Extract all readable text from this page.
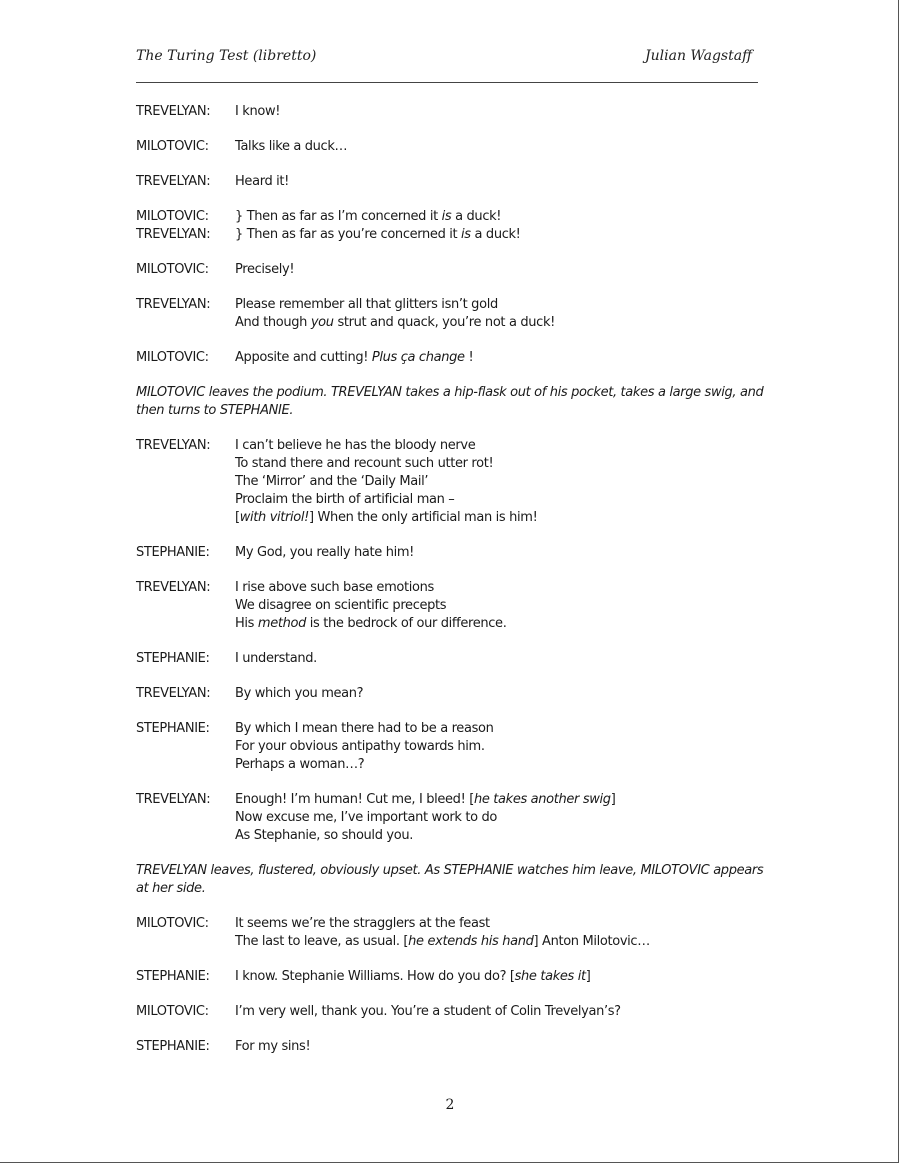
The Turing Test (libretto)	Julian Wagstaff
TREVELYAN:	I know!
MILOTOVIC:	Talks like a duck…
TREVELYAN:	Heard it!
MILOTOVIC:	} Then as far as I’m concerned it is a duck!
TREVELYAN:	} Then as far as you’re concerned it is a duck!
MILOTOVIC:	Precisely!
TREVELYAN:	Please remember all that glitters isn’t gold
And though you strut and quack, you’re not a duck!
MILOTOVIC:	Apposite and cutting! Plus ça change !
MILOTOVIC leaves the podium. TREVELYAN takes a hip-flask out of his pocket, takes a large swig, and then turns to STEPHANIE.
TREVELYAN:	I can’t believe he has the bloody nerve
To stand there and recount such utter rot!
The ‘Mirror’ and the ‘Daily Mail’
Proclaim the birth of artificial man –
[with vitriol!] When the only artificial man is him!
STEPHANIE:	My God, you really hate him!
TREVELYAN:	I rise above such base emotions
We disagree on scientific precepts
His method is the bedrock of our difference.
STEPHANIE:	I understand.
TREVELYAN:	By which you mean?
STEPHANIE:	By which I mean there had to be a reason
For your obvious antipathy towards him.
Perhaps a woman…?
TREVELYAN:	Enough! I’m human! Cut me, I bleed! [he takes another swig]
Now excuse me, I’ve important work to do
As Stephanie, so should you.
TREVELYAN leaves, flustered, obviously upset. As STEPHANIE watches him leave, MILOTOVIC appears at her side.
MILOTOVIC:	It seems we’re the stragglers at the feast
The last to leave, as usual. [he extends his hand] Anton Milotovic…
STEPHANIE:	I know. Stephanie Williams. How do you do? [she takes it]
MILOTOVIC:	I’m very well, thank you. You’re a student of Colin Trevelyan’s?
STEPHANIE:	For my sins!
2
